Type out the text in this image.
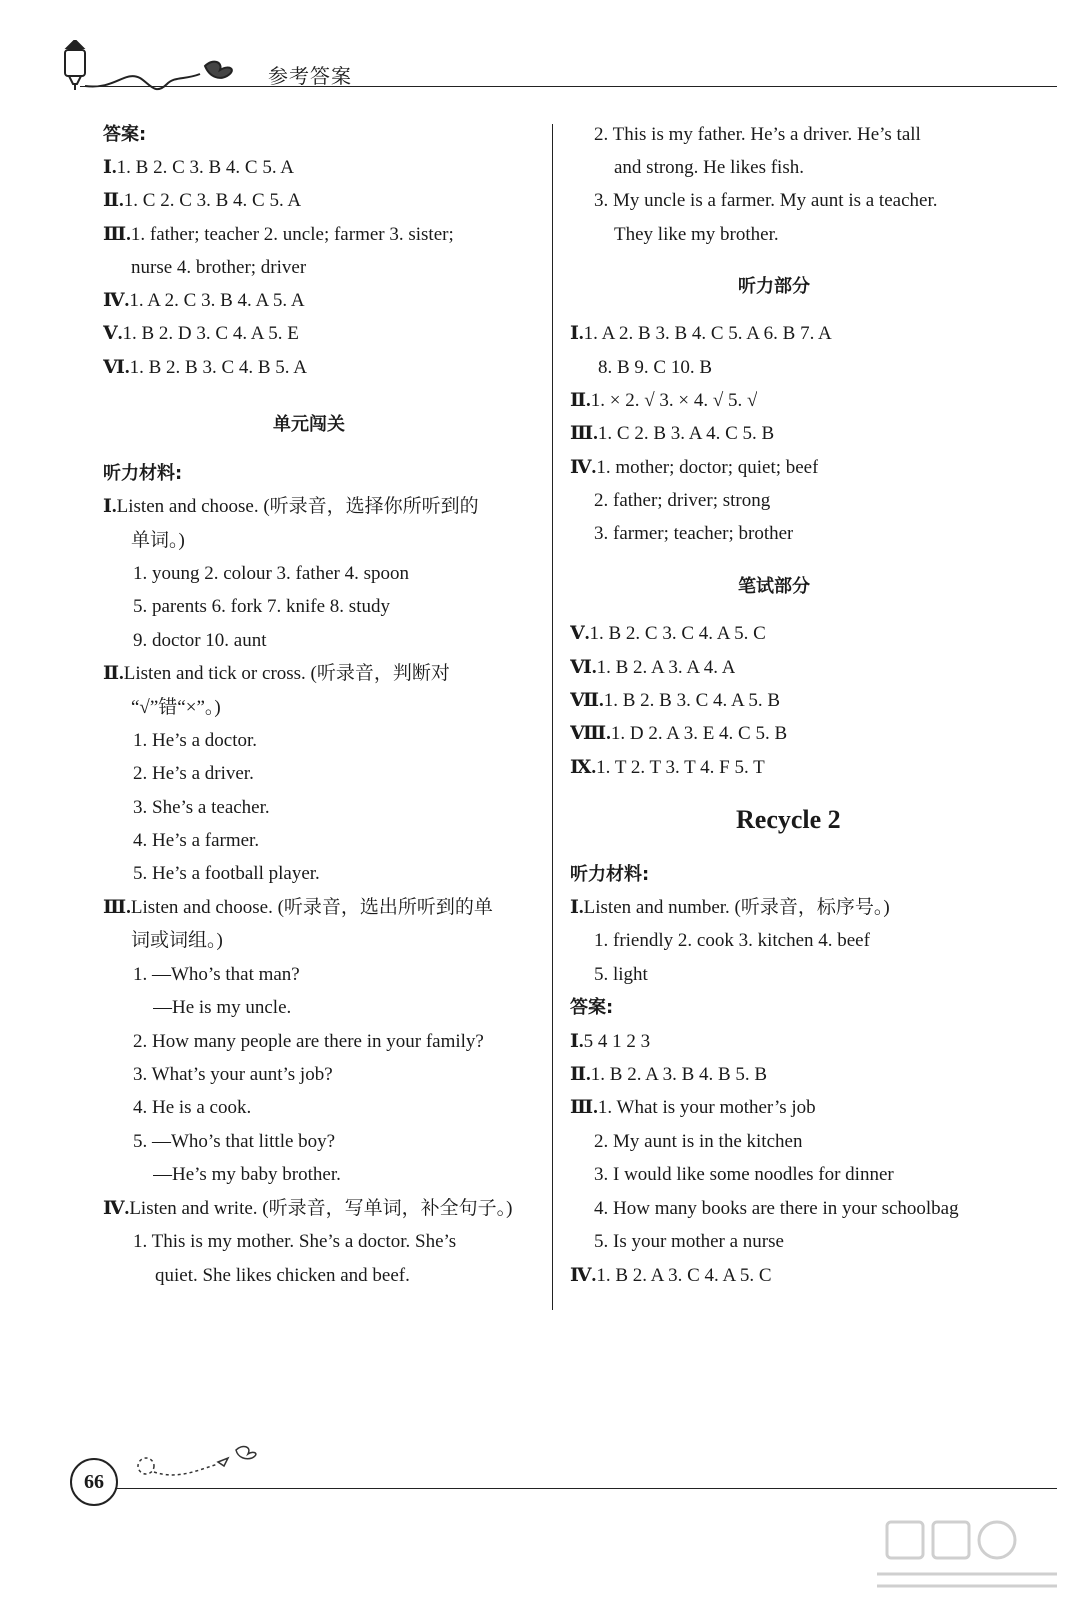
参考答案
答案:
Ⅰ.1. B 2. C 3. B 4. C 5. A
Ⅱ.1. C 2. C 3. B 4. C 5. A
Ⅲ.1. father; teacher 2. uncle; farmer 3. sister;
nurse 4. brother; driver
Ⅳ.1. A 2. C 3. B 4. A 5. A
Ⅴ.1. B 2. D 3. C 4. A 5. E
Ⅵ.1. B 2. B 3. C 4. B 5. A
单元闯关
听力材料:
Ⅰ.Listen and choose. (听录音，选择你所听到的
单词。)
1. young 2. colour 3. father 4. spoon
5. parents 6. fork 7. knife 8. study
9. doctor 10. aunt
Ⅱ.Listen and tick or cross. (听录音，判断对
“√”错“×”。)
1. He’s a doctor.
2. He’s a driver.
3. She’s a teacher.
4. He’s a farmer.
5. He’s a football player.
Ⅲ.Listen and choose. (听录音，选出所听到的单
词或词组。)
1. —Who’s that man?
—He is my uncle.
2. How many people are there in your family?
3. What’s your aunt’s job?
4. He is a cook.
5. —Who’s that little boy?
—He’s my baby brother.
Ⅳ.Listen and write. (听录音，写单词，补全句子。)
1. This is my mother. She’s a doctor. She’s
quiet. She likes chicken and beef.
2. This is my father. He’s a driver. He’s tall
and strong. He likes fish.
3. My uncle is a farmer. My aunt is a teacher.
They like my brother.
听力部分
Ⅰ.1. A 2. B 3. B 4. C 5. A 6. B 7. A
8. B 9. C 10. B
Ⅱ.1. × 2. √ 3. × 4. √ 5. √
Ⅲ.1. C 2. B 3. A 4. C 5. B
Ⅳ.1. mother; doctor; quiet; beef
2. father; driver; strong
3. farmer; teacher; brother
笔试部分
Ⅴ.1. B 2. C 3. C 4. A 5. C
Ⅵ.1. B 2. A 3. A 4. A
Ⅶ.1. B 2. B 3. C 4. A 5. B
Ⅷ.1. D 2. A 3. E 4. C 5. B
Ⅸ.1. T 2. T 3. T 4. F 5. T
Recycle 2
听力材料:
Ⅰ.Listen and number. (听录音，标序号。)
1. friendly 2. cook 3. kitchen 4. beef
5. light
答案:
Ⅰ.5 4 1 2 3
Ⅱ.1. B 2. A 3. B 4. B 5. B
Ⅲ.1. What is your mother’s job
2. My aunt is in the kitchen
3. I would like some noodles for dinner
4. How many books are there in your schoolbag
5. Is your mother a nurse
Ⅳ.1. B 2. A 3. C 4. A 5. C
66
